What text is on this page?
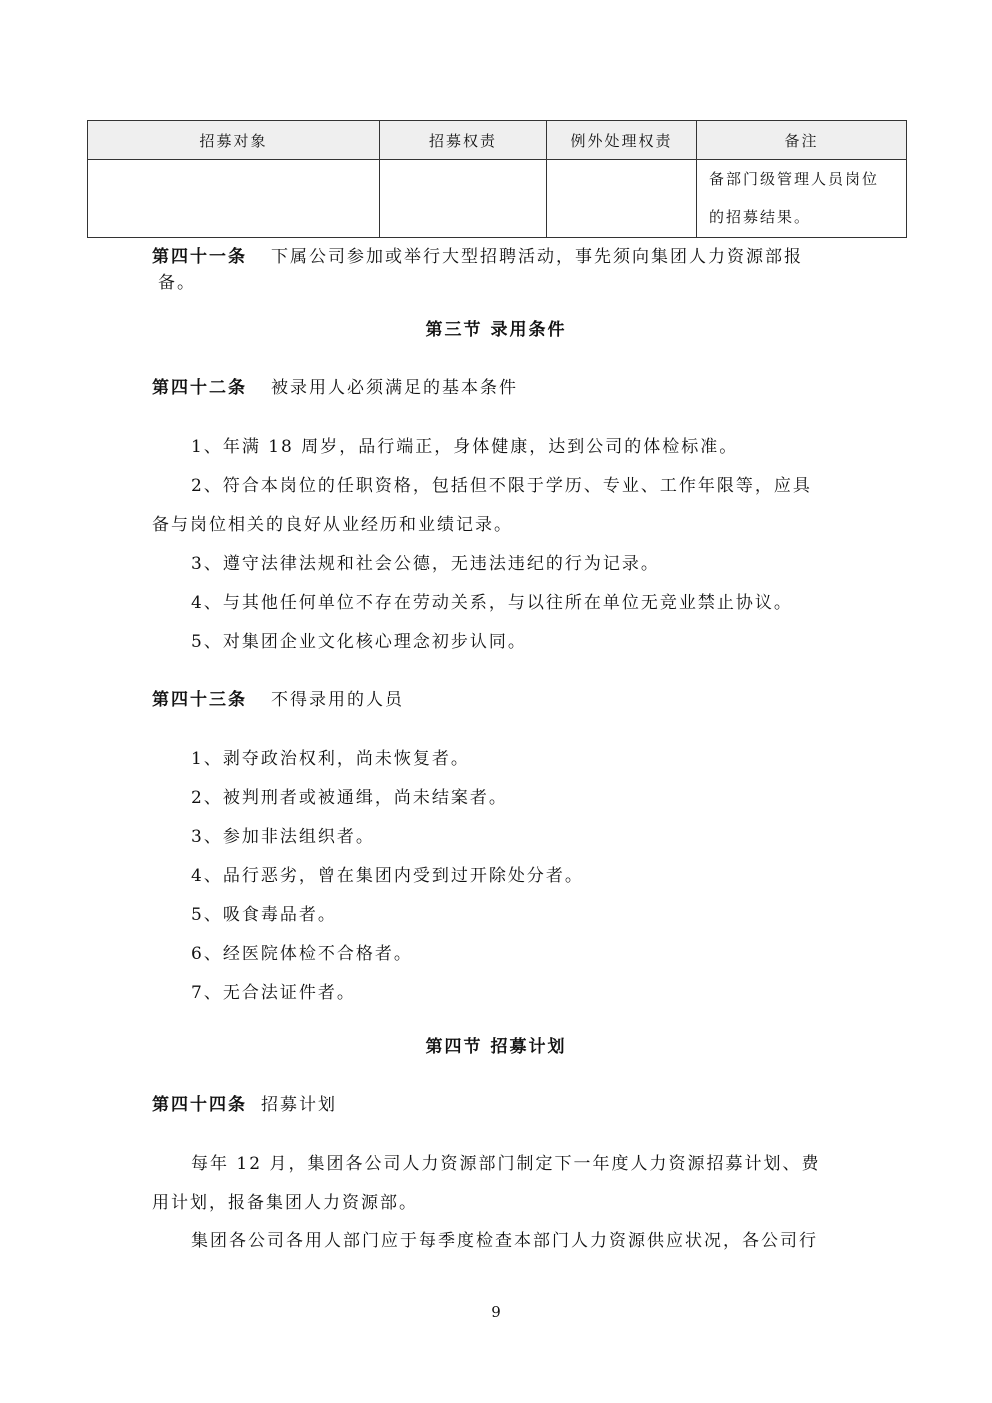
招募对象	招募权责	例外处理权责	备注

			备部门级管理人员岗位
的招募结果。
第四十一条 下属公司参加或举行大型招聘活动，事先须向集团人力资源部报
备。
第三节 录用条件
第四十二条 被录用人必须满足的基本条件
1、年满 18 周岁，品行端正，身体健康，达到公司的体检标准。
2、符合本岗位的任职资格，包括但不限于学历、专业、工作年限等，应具
备与岗位相关的良好从业经历和业绩记录。
3、遵守法律法规和社会公德，无违法违纪的行为记录。
4、与其他任何单位不存在劳动关系，与以往所在单位无竞业禁止协议。
5、对集团企业文化核心理念初步认同。
第四十三条 不得录用的人员
1、剥夺政治权利，尚未恢复者。
2、被判刑者或被通缉，尚未结案者。
3、参加非法组织者。
4、品行恶劣，曾在集团内受到过开除处分者。
5、吸食毒品者。
6、经医院体检不合格者。
7、无合法证件者。
第四节 招募计划
第四十四条 招募计划
每年 12 月，集团各公司人力资源部门制定下一年度人力资源招募计划、费
用计划，报备集团人力资源部。
集团各公司各用人部门应于每季度检查本部门人力资源供应状况，各公司行
9
